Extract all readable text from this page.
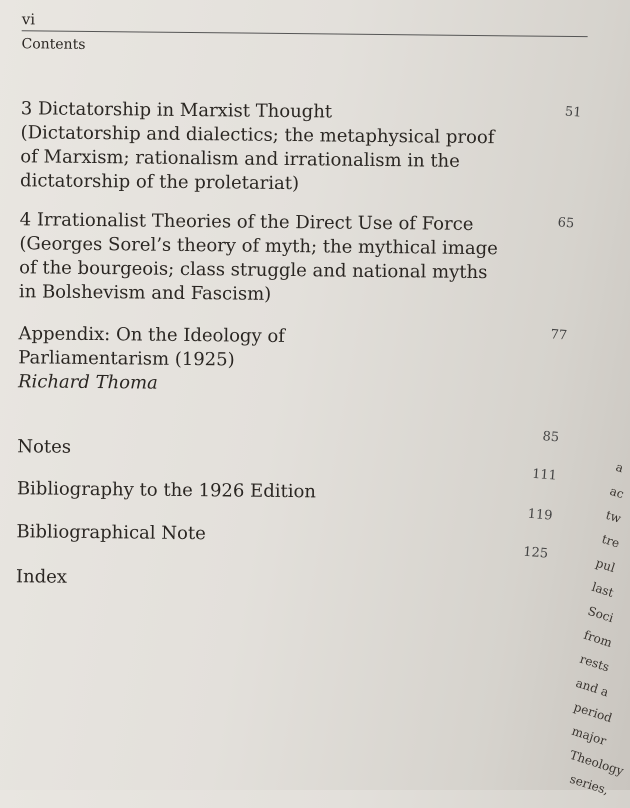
vi
Contents
3 Dictatorship in Marxist Thought
(Dictatorship and dialectics; the metaphysical proof
of Marxism; rationalism and irrationalism in the
dictatorship of the proletariat)
51
4 Irrationalist Theories of the Direct Use of Force
(Georges Sorel’s theory of myth; the mythical image
of the bourgeois; class struggle and national myths
in Bolshevism and Fascism)
65
Appendix: On the Ideology of
Parliamentarism (1925)
Richard Thoma
77
Notes	85
Bibliography to the 1926 Edition
111
Bibliographical Note
119
Index
125
a
ac
tw
tre
pul
last
Soci
from
rests
and a
period
major
Theology
series,
